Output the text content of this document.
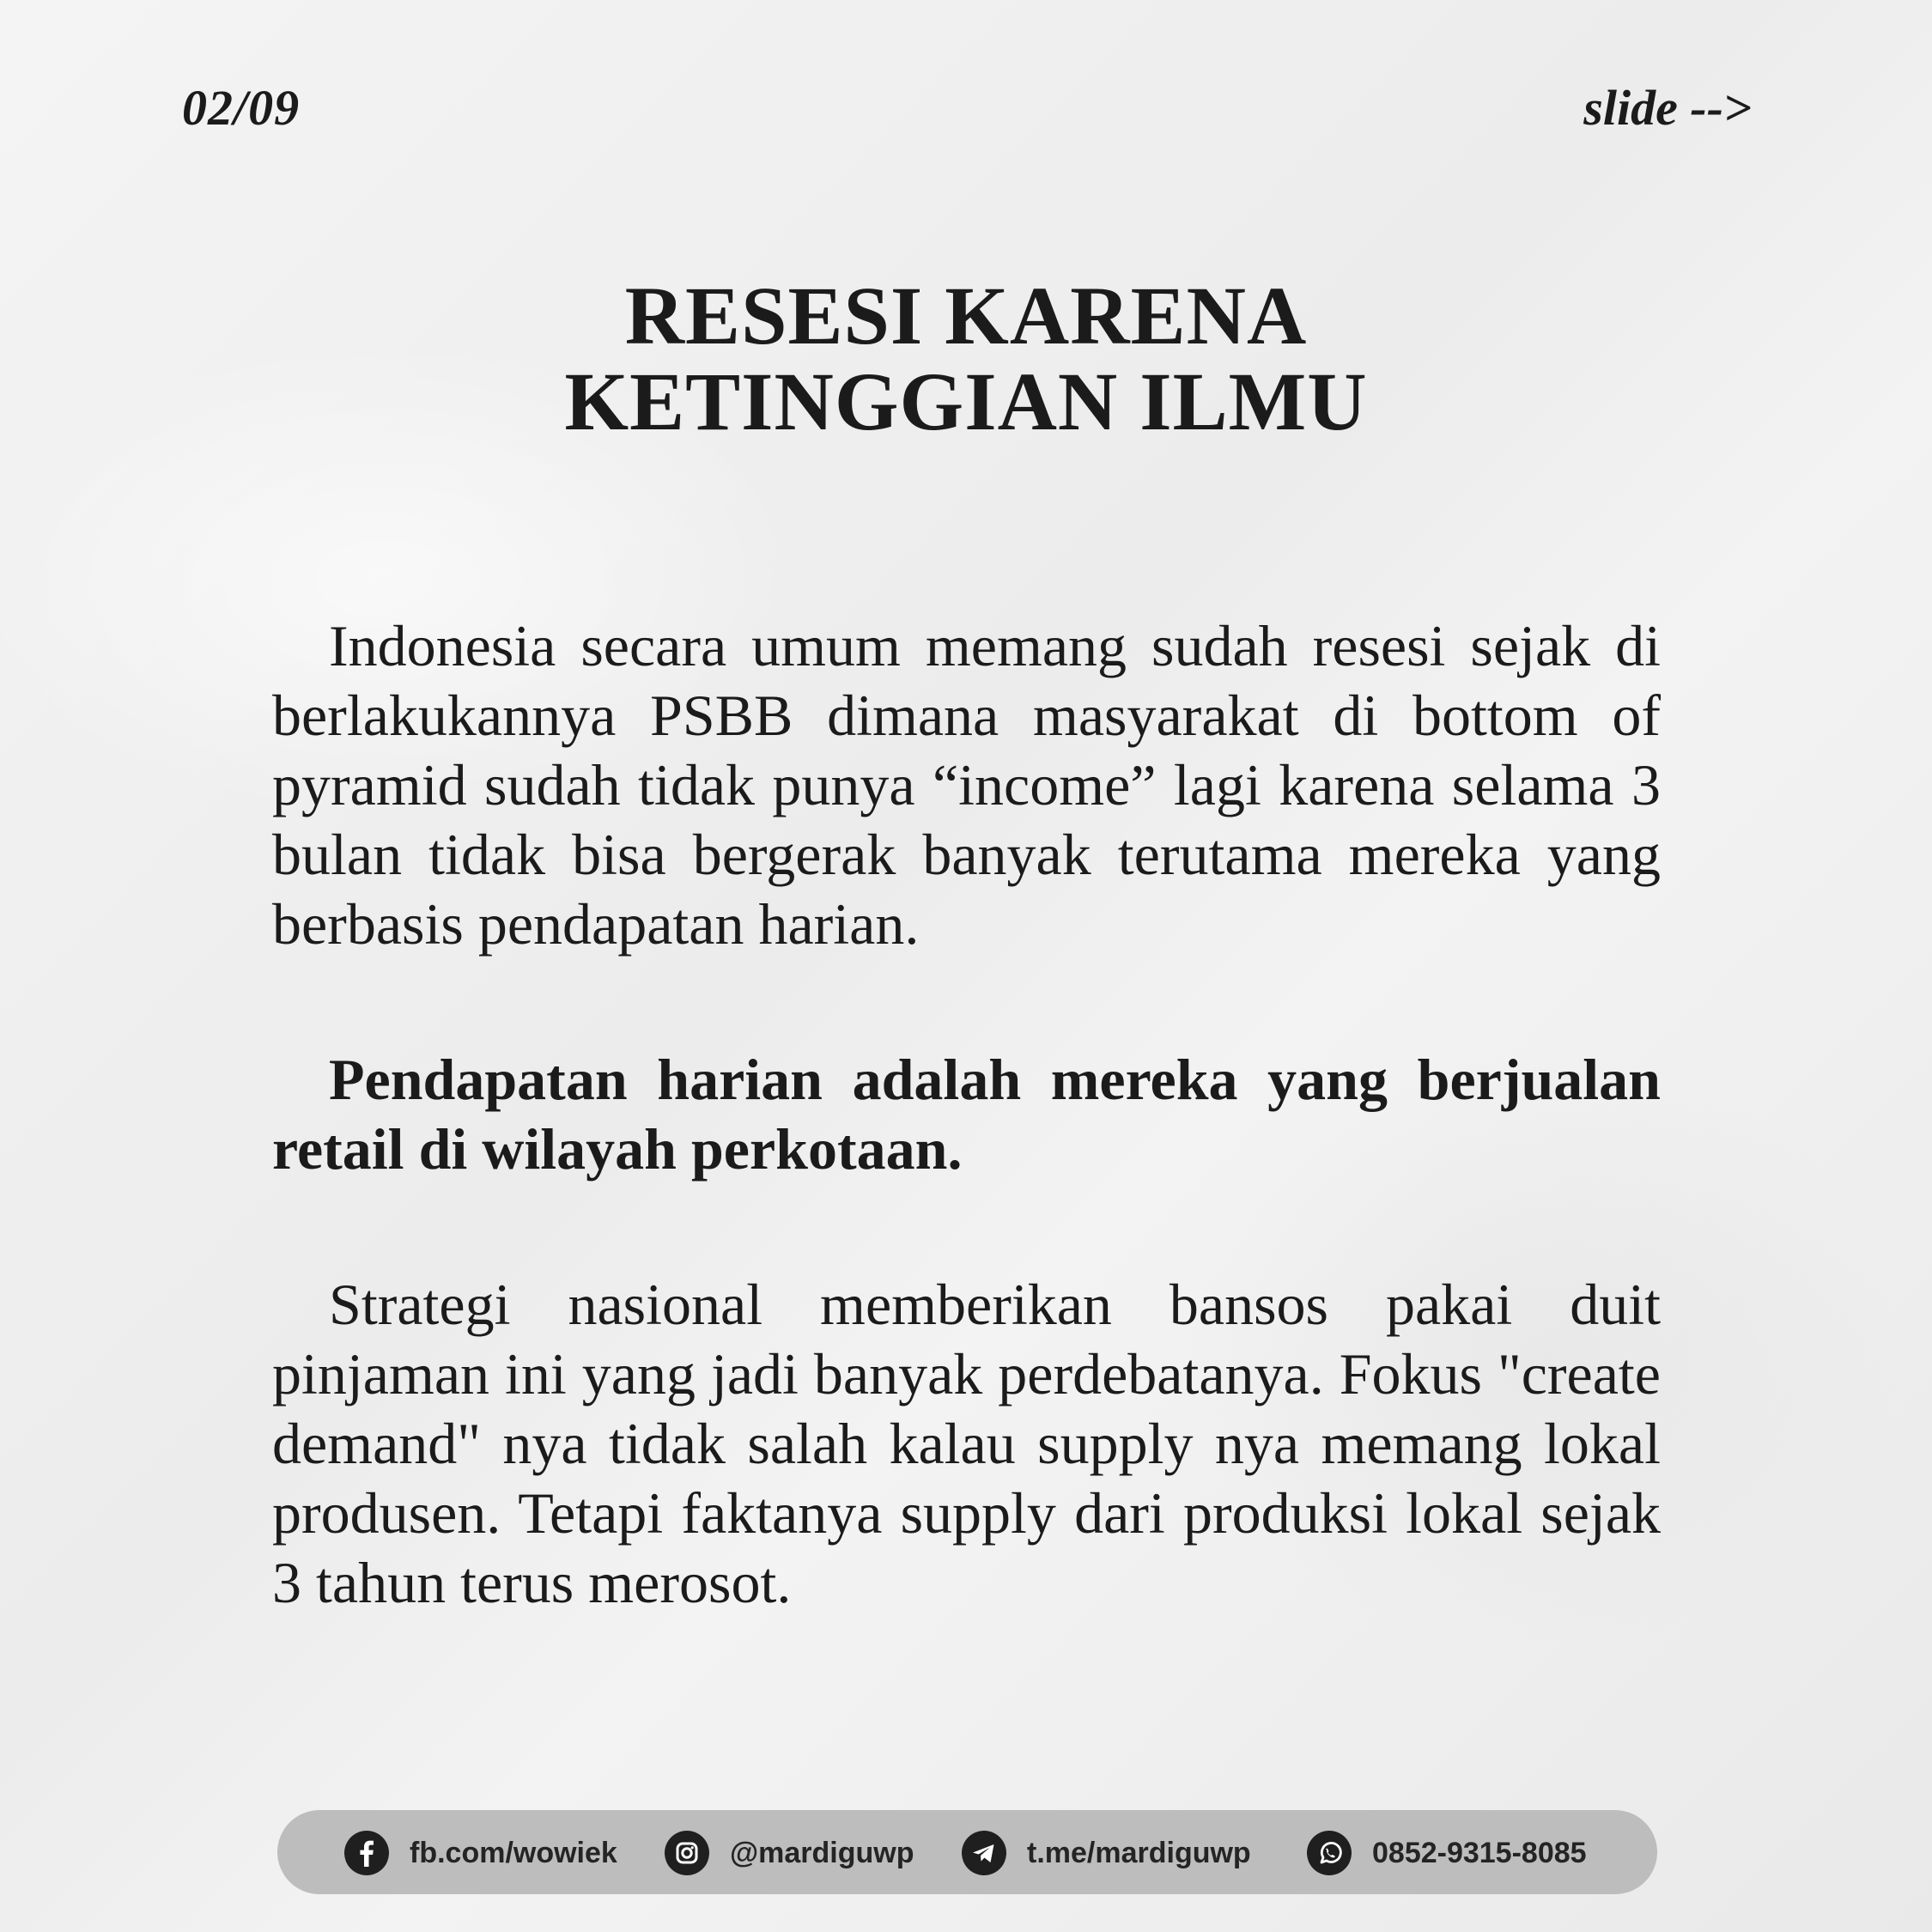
02/09	slide -->
RESESI KARENA
KETINGGIAN ILMU

Indonesia secara umum memang sudah resesi sejak di berlakukannya PSBB dimana masyarakat di bottom of pyramid sudah tidak punya “income” lagi karena selama 3 bulan tidak bisa bergerak banyak terutama mereka yang berbasis pendapatan harian.

Pendapatan harian adalah mereka yang berjualan retail di wilayah perkotaan.

Strategi nasional memberikan bansos pakai duit pinjaman ini yang jadi banyak perdebatanya. Fokus "create demand" nya tidak salah kalau supply nya memang lokal produsen. Tetapi faktanya supply dari produksi lokal sejak 3 tahun terus merosot.

fb.com/wowiek	@mardiguwp	t.me/mardiguwp	0852-9315-8085
